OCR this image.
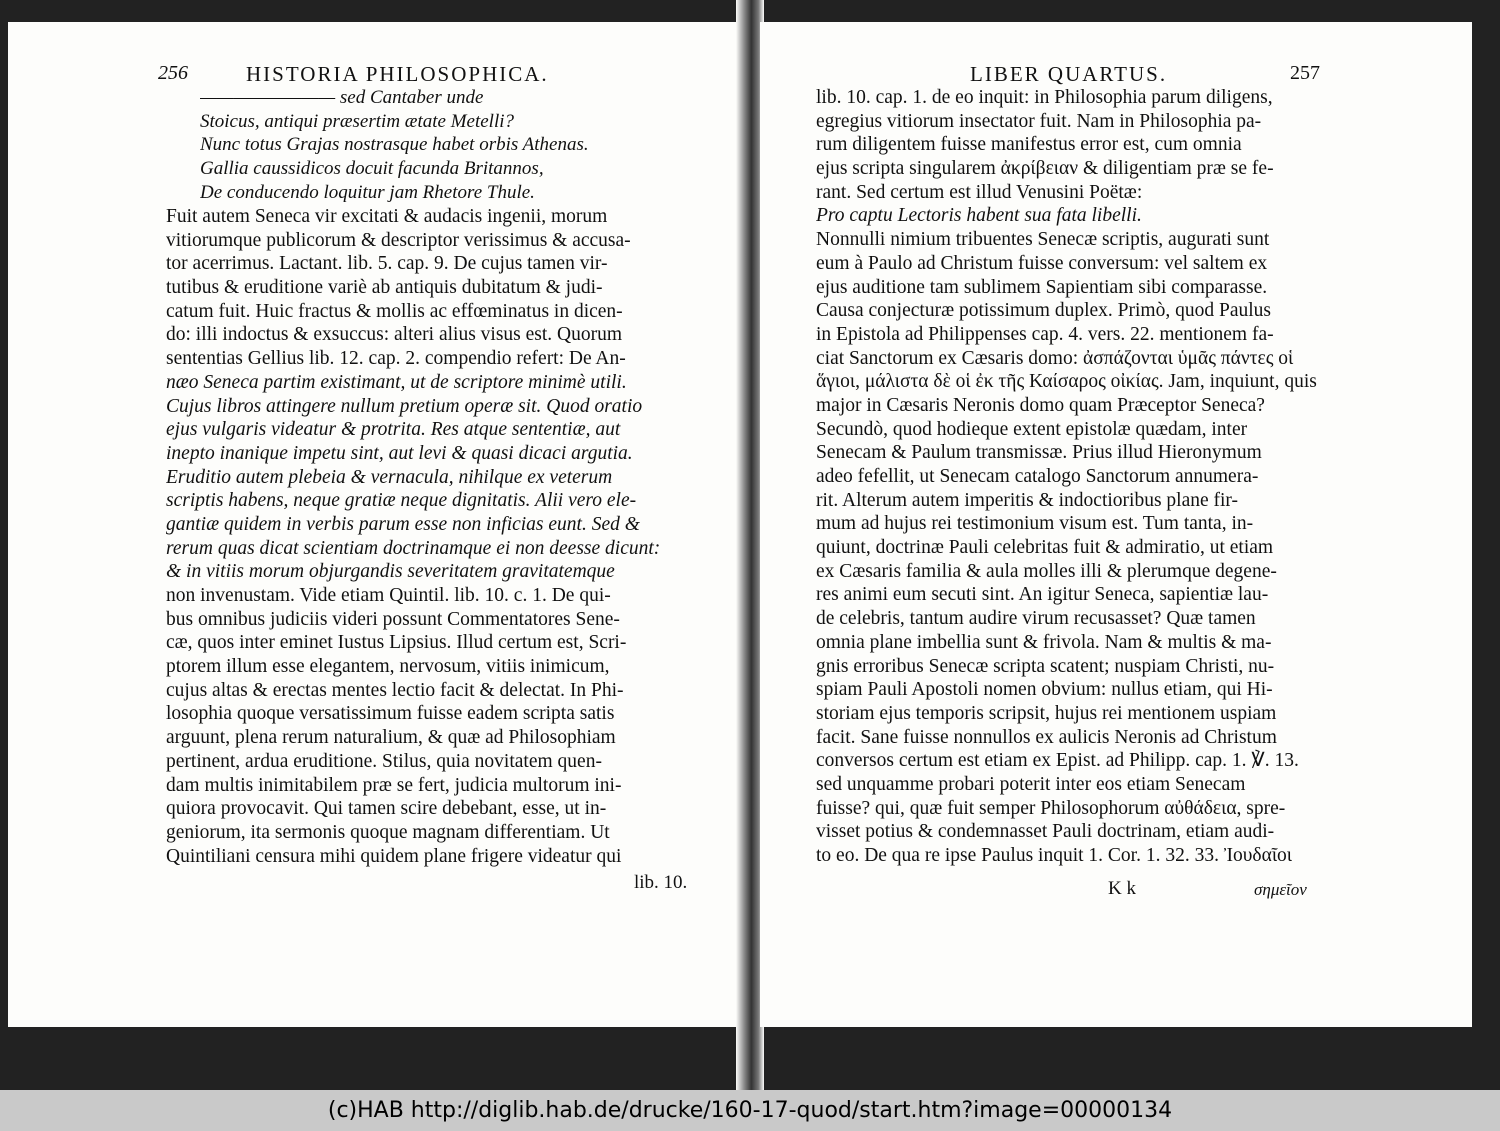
256	HISTORIA PHILOSOPHICA.
———————— sed Cantaber unde
Stoicus, antiqui præsertim ætate Metelli?
Nunc totus Grajas nostrasque habet orbis Athenas.
Gallia caussidicos docuit facunda Britannos,
De conducendo loquitur jam Rhetore Thule.
Fuit autem Seneca vir excitati & audacis ingenii, morum
vitiorumque publicorum & descriptor verissimus & accusa-
tor acerrimus. Lactant. lib. 5. cap. 9. De cujus tamen vir-
tutibus & eruditione variè ab antiquis dubitatum & judi-
catum fuit. Huic fractus & mollis ac effœminatus in dicen-
do: illi indoctus & exsuccus: alteri alius visus est. Quorum
sententias Gellius lib. 12. cap. 2. compendio refert: De An-
næo Seneca partim existimant, ut de scriptore minimè utili.
Cujus libros attingere nullum pretium operæ sit. Quod oratio
ejus vulgaris videatur & protrita. Res atque sententiæ, aut
inepto inanique impetu sint, aut levi & quasi dicaci argutia.
Eruditio autem plebeia & vernacula, nihilque ex veterum
scriptis habens, neque gratiæ neque dignitatis. Alii vero ele-
gantiæ quidem in verbis parum esse non inficias eunt. Sed &
rerum quas dicat scientiam doctrinamque ei non deesse dicunt:
& in vitiis morum objurgandis severitatem gravitatemque
non invenustam. Vide etiam Quintil. lib. 10. c. 1. De qui-
bus omnibus judiciis videri possunt Commentatores Sene-
cæ, quos inter eminet Iustus Lipsius. Illud certum est, Scri-
ptorem illum esse elegantem, nervosum, vitiis inimicum,
cujus altas & erectas mentes lectio facit & delectat. In Phi-
losophia quoque versatissimum fuisse eadem scripta satis
arguunt, plena rerum naturalium, & quæ ad Philosophiam
pertinent, ardua eruditione. Stilus, quia novitatem quen-
dam multis inimitabilem præ se fert, judicia multorum ini-
quiora provocavit. Qui tamen scire debebant, esse, ut in-
geniorum, ita sermonis quoque magnam differentiam. Ut
Quintiliani censura mihi quidem plane frigere videatur qui
lib. 10.
LIBER QUARTUS.	257
lib. 10. cap. 1. de eo inquit: in Philosophia parum diligens,
egregius vitiorum insectator fuit. Nam in Philosophia pa-
rum diligentem fuisse manifestus error est, cum omnia
ejus scripta singularem ἀκρίβειαν & diligentiam præ se fe-
rant. Sed certum est illud Venusini Poëtæ:
Pro captu Lectoris habent sua fata libelli.
Nonnulli nimium tribuentes Senecæ scriptis, augurati sunt
eum à Paulo ad Christum fuisse conversum: vel saltem ex
ejus auditione tam sublimem Sapientiam sibi comparasse.
Causa conjecturæ potissimum duplex. Primò, quod Paulus
in Epistola ad Philippenses cap. 4. vers. 22. mentionem fa-
ciat Sanctorum ex Cæsaris domo: ἀσπάζονται ὑμᾶς πάντες οἱ
ἅγιοι, μάλιστα δὲ οἱ ἐκ τῆς Καίσαρος οἰκίας. Jam, inquiunt, quis
major in Cæsaris Neronis domo quam Præceptor Seneca?
Secundò, quod hodieque extent epistolæ quædam, inter
Senecam & Paulum transmissæ. Prius illud Hieronymum
adeo fefellit, ut Senecam catalogo Sanctorum annumera-
rit. Alterum autem imperitis & indoctioribus plane fir-
mum ad hujus rei testimonium visum est. Tum tanta, in-
quiunt, doctrinæ Pauli celebritas fuit & admiratio, ut etiam
ex Cæsaris familia & aula molles illi & plerumque degene-
res animi eum secuti sint. An igitur Seneca, sapientiæ lau-
de celebris, tantum audire virum recusasset? Quæ tamen
omnia plane imbellia sunt & frivola. Nam & multis & ma-
gnis erroribus Senecæ scripta scatent; nuspiam Christi, nu-
spiam Pauli Apostoli nomen obvium: nullus etiam, qui Hi-
storiam ejus temporis scripsit, hujus rei mentionem uspiam
facit. Sane fuisse nonnullos ex aulicis Neronis ad Christum
conversos certum est etiam ex Epist. ad Philipp. cap. 1. ℣. 13.
sed unquamme probari poterit inter eos etiam Senecam
fuisse? qui, quæ fuit semper Philosophorum αὐθάδεια, spre-
visset potius & condemnasset Pauli doctrinam, etiam audi-
to eo. De qua re ipse Paulus inquit 1. Cor. 1. 32. 33. Ἰουδαῖοι
K k	σημεῖον
(c)HAB http://diglib.hab.de/drucke/160-17-quod/start.htm?image=00000134
